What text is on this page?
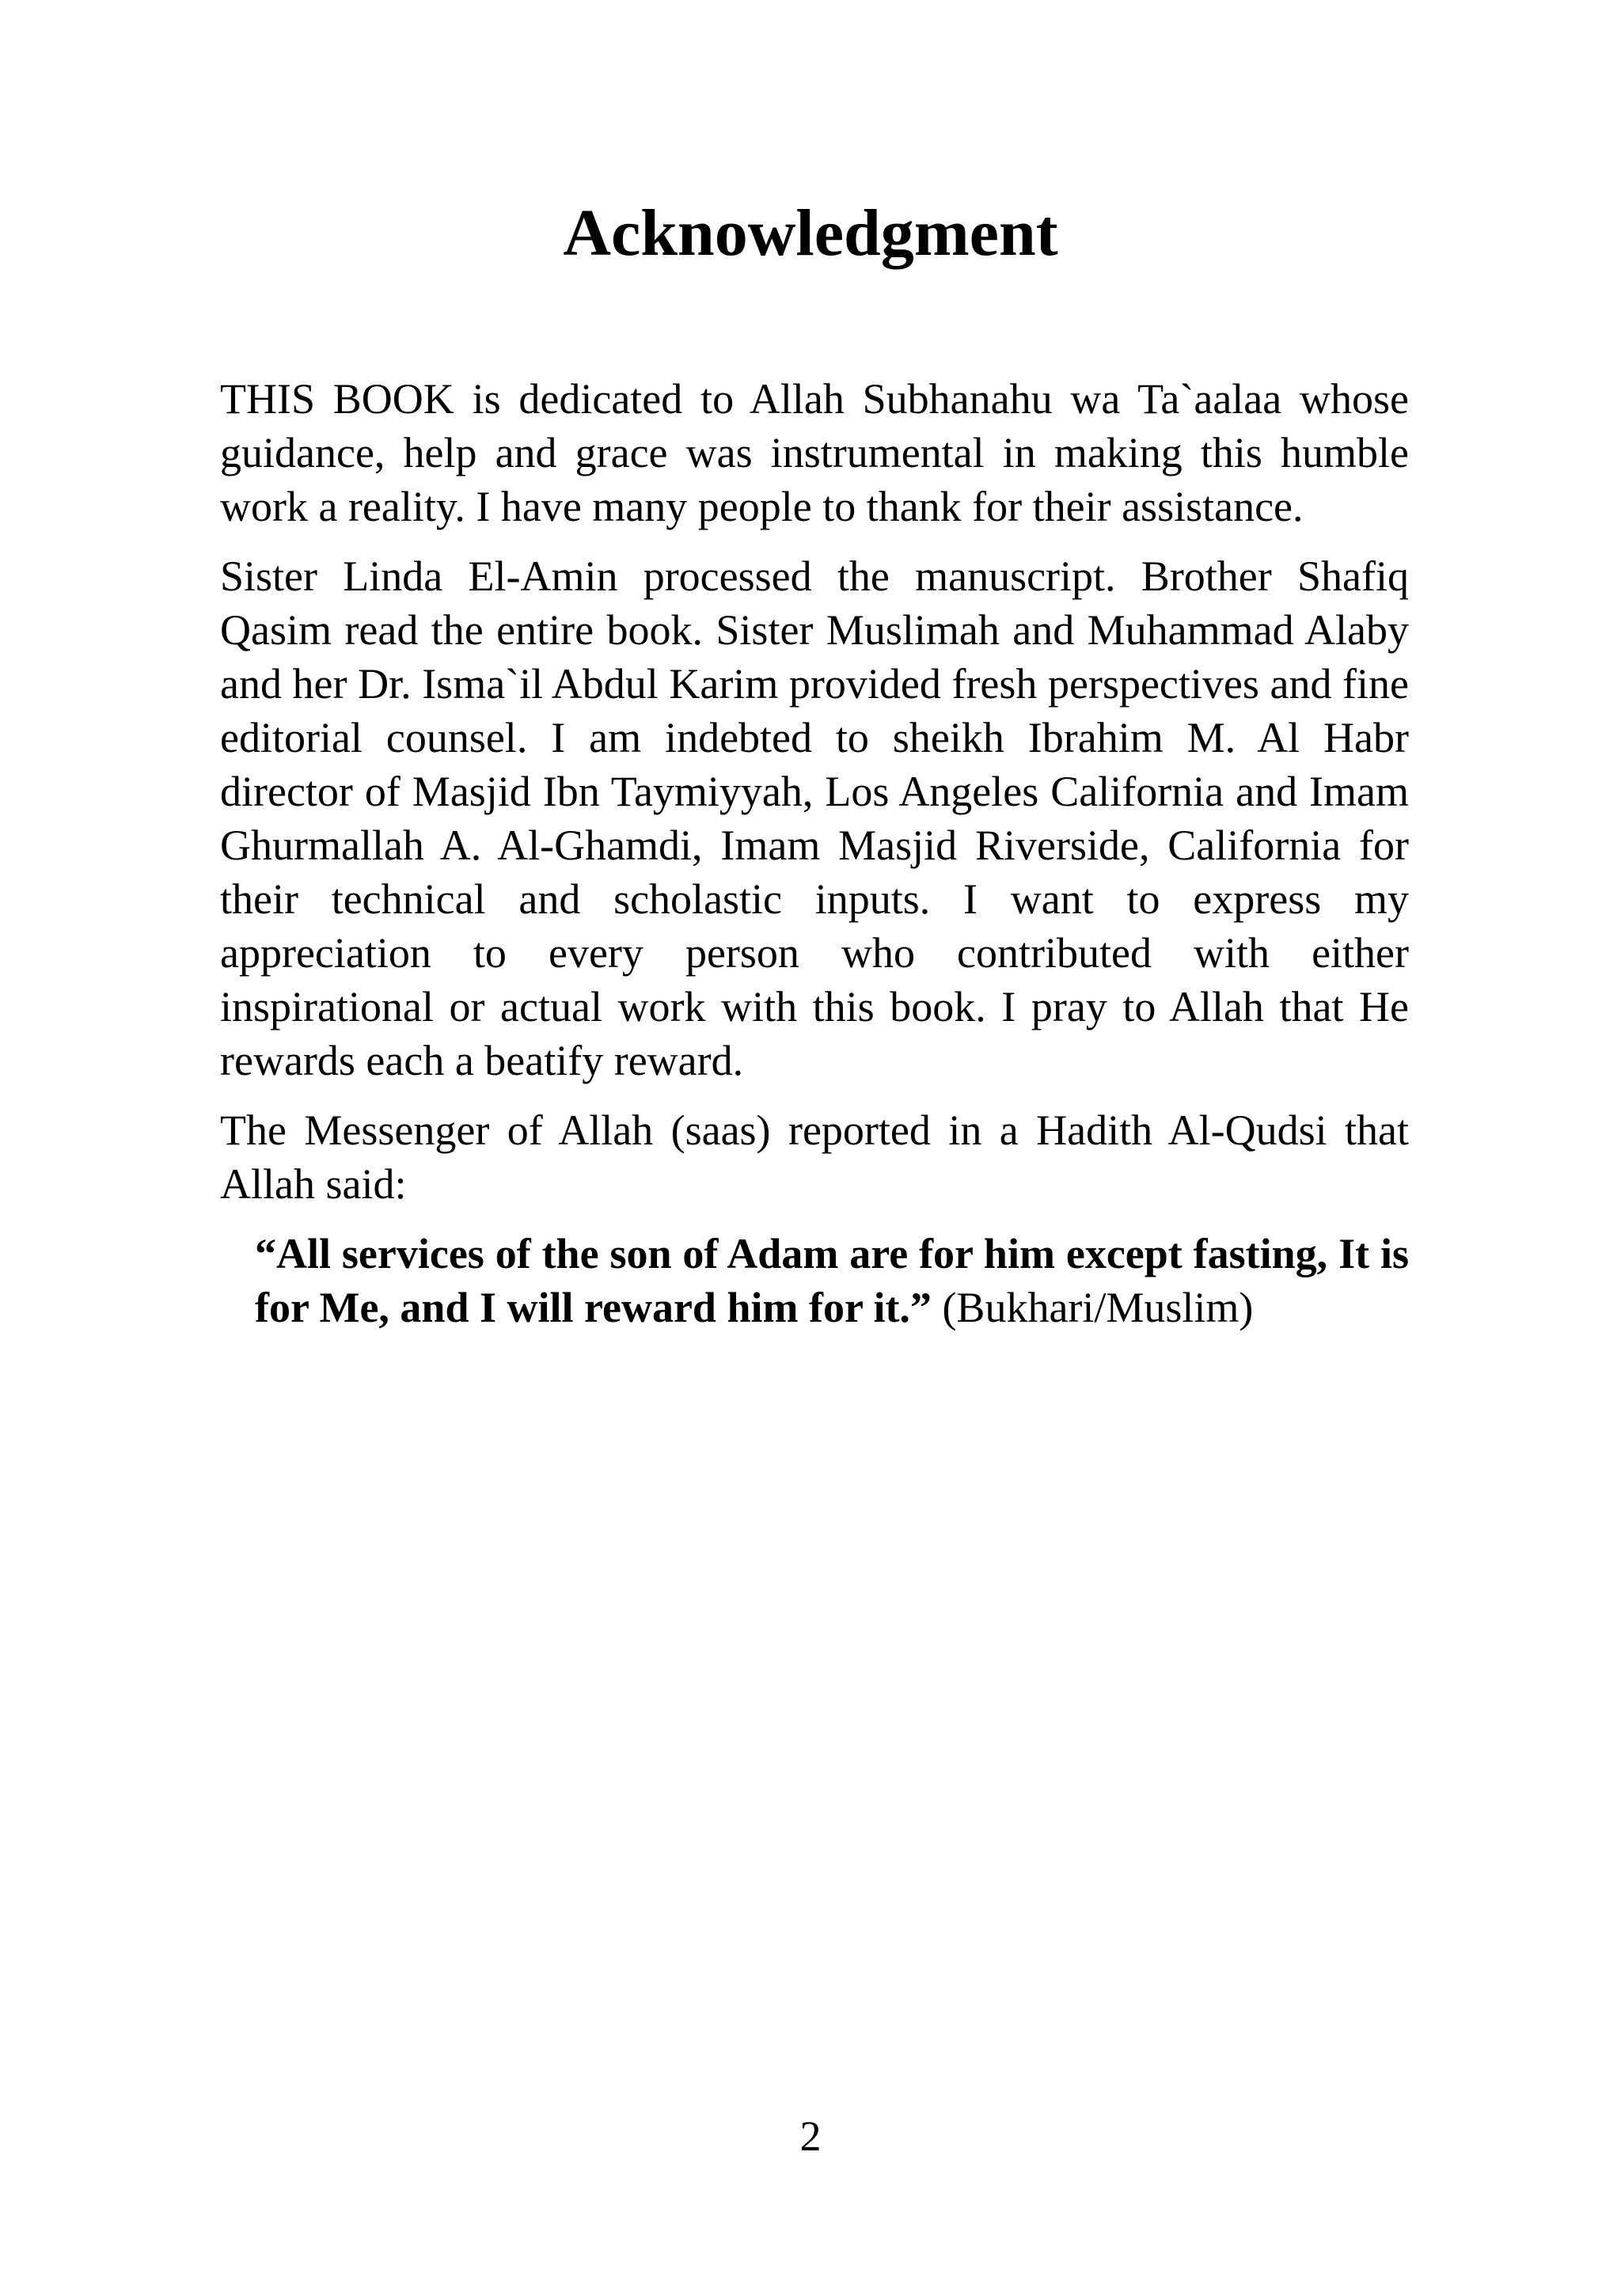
Acknowledgment

THIS BOOK is dedicated to Allah Subhanahu wa Ta`aalaa whose guidance, help and grace was instrumental in making this humble work a reality. I have many people to thank for their assistance.

Sister Linda El-Amin processed the manuscript. Brother Shafiq Qasim read the entire book. Sister Muslimah and Muhammad Alaby and her Dr. Isma`il Abdul Karim provided fresh perspectives and fine editorial counsel. I am indebted to sheikh Ibrahim M. Al Habr director of Masjid Ibn Taymiyyah, Los Angeles California and Imam Ghurmallah A. Al-Ghamdi, Imam Masjid Riverside, California for their technical and scholastic inputs. I want to express my appreciation to every person who contributed with either inspirational or actual work with this book. I pray to Allah that He rewards each a beatify reward.

The Messenger of Allah (saas) reported in a Hadith Al-Qudsi that Allah said:

“All services of the son of Adam are for him except fasting, It is for Me, and I will reward him for it.” (Bukhari/Muslim)

2
